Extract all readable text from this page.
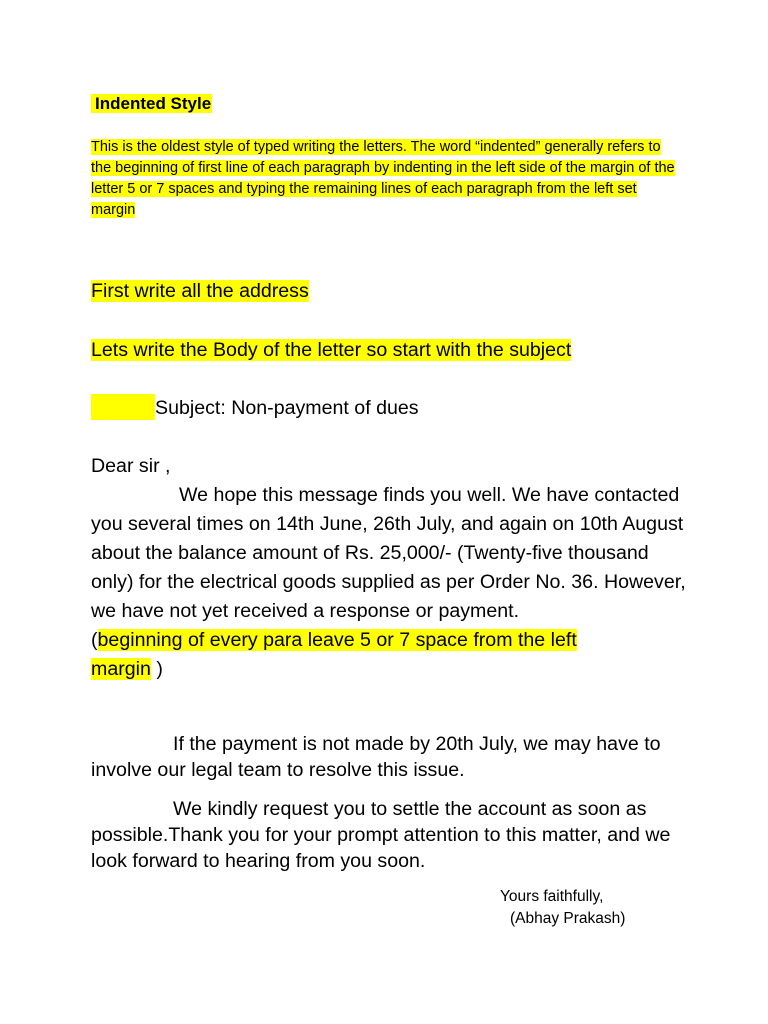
Indented Style

This is the oldest style of typed writing the letters. The word “indented” generally refers to the beginning of first line of each paragraph by indenting in the left side of the margin of the letter 5 or 7 spaces and typing the remaining lines of each paragraph from the left set margin

First write all the address
Lets write the Body of the letter so start with the subject
Subject: Non-payment of dues
Dear sir ,
We hope this message finds you well. We have contacted you several times on 14th June, 26th July, and again on 10th August about the balance amount of Rs. 25,000/- (Twenty-five thousand only) for the electrical goods supplied as per Order No. 36. However, we have not yet received a response or payment.
(beginning of every para leave 5 or 7 space from the left
margin )
If the payment is not made by 20th July, we may have to involve our legal team to resolve this issue.
We kindly request you to settle the account as soon as possible.Thank you for your prompt attention to this matter, and we look forward to hearing from you soon.
Yours faithfully,
(Abhay Prakash)
